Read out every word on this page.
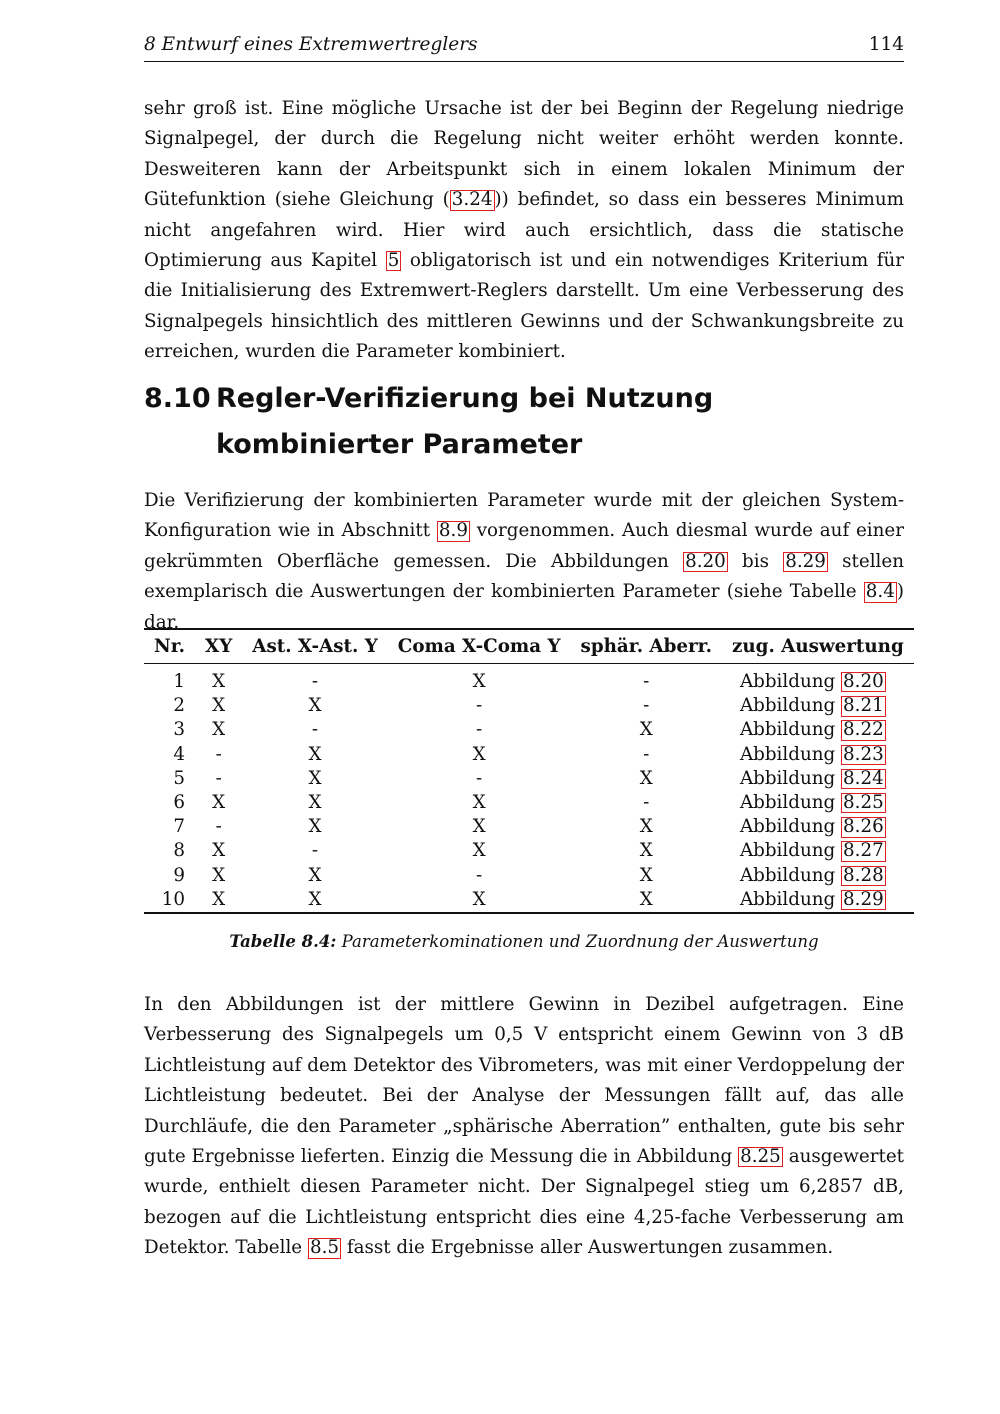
8 Entwurf eines Extremwertreglers	114

sehr groß ist. Eine mögliche Ursache ist der bei Beginn der Regelung niedrige Signalpegel, der durch die Regelung nicht weiter erhöht werden konnte. Desweiteren kann der Arbeitspunkt sich in einem lokalen Minimum der Gütefunktion (siehe Gleichung ( 3.24 )) befindet, so dass ein besseres Minimum nicht angefahren wird. Hier wird auch ersichtlich, dass die statische Optimierung aus Kapitel 5 obligatorisch ist und ein notwendiges Kriterium für die Initialisierung des Extremwert-Reglers darstellt. Um eine Verbesserung des Signalpegels hinsichtlich des mittleren Gewinns und der Schwankungsbreite zu erreichen, wurden die Parameter kombiniert.

8.10 Regler-Verifizierung bei Nutzung kombinierter Parameter

Die Verifizierung der kombinierten Parameter wurde mit der gleichen System-Konfiguration wie in Abschnitt 8.9 vorgenommen. Auch diesmal wurde auf einer gekrümmten Oberfläche gemessen. Die Abbildungen 8.20 bis 8.29 stellen exemplarisch die Auswertungen der kombinierten Parameter (siehe Tabelle 8.4 ) dar.

Tabelle 8.4: Parameterkominationen und Zuordnung der Auswertung

In den Abbildungen ist der mittlere Gewinn in Dezibel aufgetragen. Eine Verbesserung des Signalpegels um 0,5 V entspricht einem Gewinn von 3 dB Lichtleistung auf dem Detektor des Vibrometers, was mit einer Verdoppelung der Lichtleistung bedeutet. Bei der Analyse der Messungen fällt auf, das alle Durchläufe, die den Parameter „sphärische Aberration” enthalten, gute bis sehr gute Ergebnisse lieferten. Einzig die Messung die in Abbildung 8.25 ausgewertet wurde, enthielt diesen Parameter nicht. Der Signalpegel stieg um 6,2857 dB, bezogen auf die Lichtleistung entspricht dies eine 4,25-fache Verbesserung am Detektor. Tabelle 8.5 fasst die Ergebnisse aller Auswertungen zusammen.

Nr.	XY	Ast. X-Ast. Y	Coma X-Coma Y	sphär. Aberr.	zug. Auswertung
1	X	-	X	-	Abbildung 8.20
2	X	X	-	-	Abbildung 8.21
3	X	-	-	X	Abbildung 8.22
4	-	X	X	-	Abbildung 8.23
5	-	X	-	X	Abbildung 8.24
6	X	X	X	-	Abbildung 8.25
7	-	X	X	X	Abbildung 8.26
8	X	-	X	X	Abbildung 8.27
9	X	X	-	X	Abbildung 8.28
10	X	X	X	X	Abbildung 8.29
